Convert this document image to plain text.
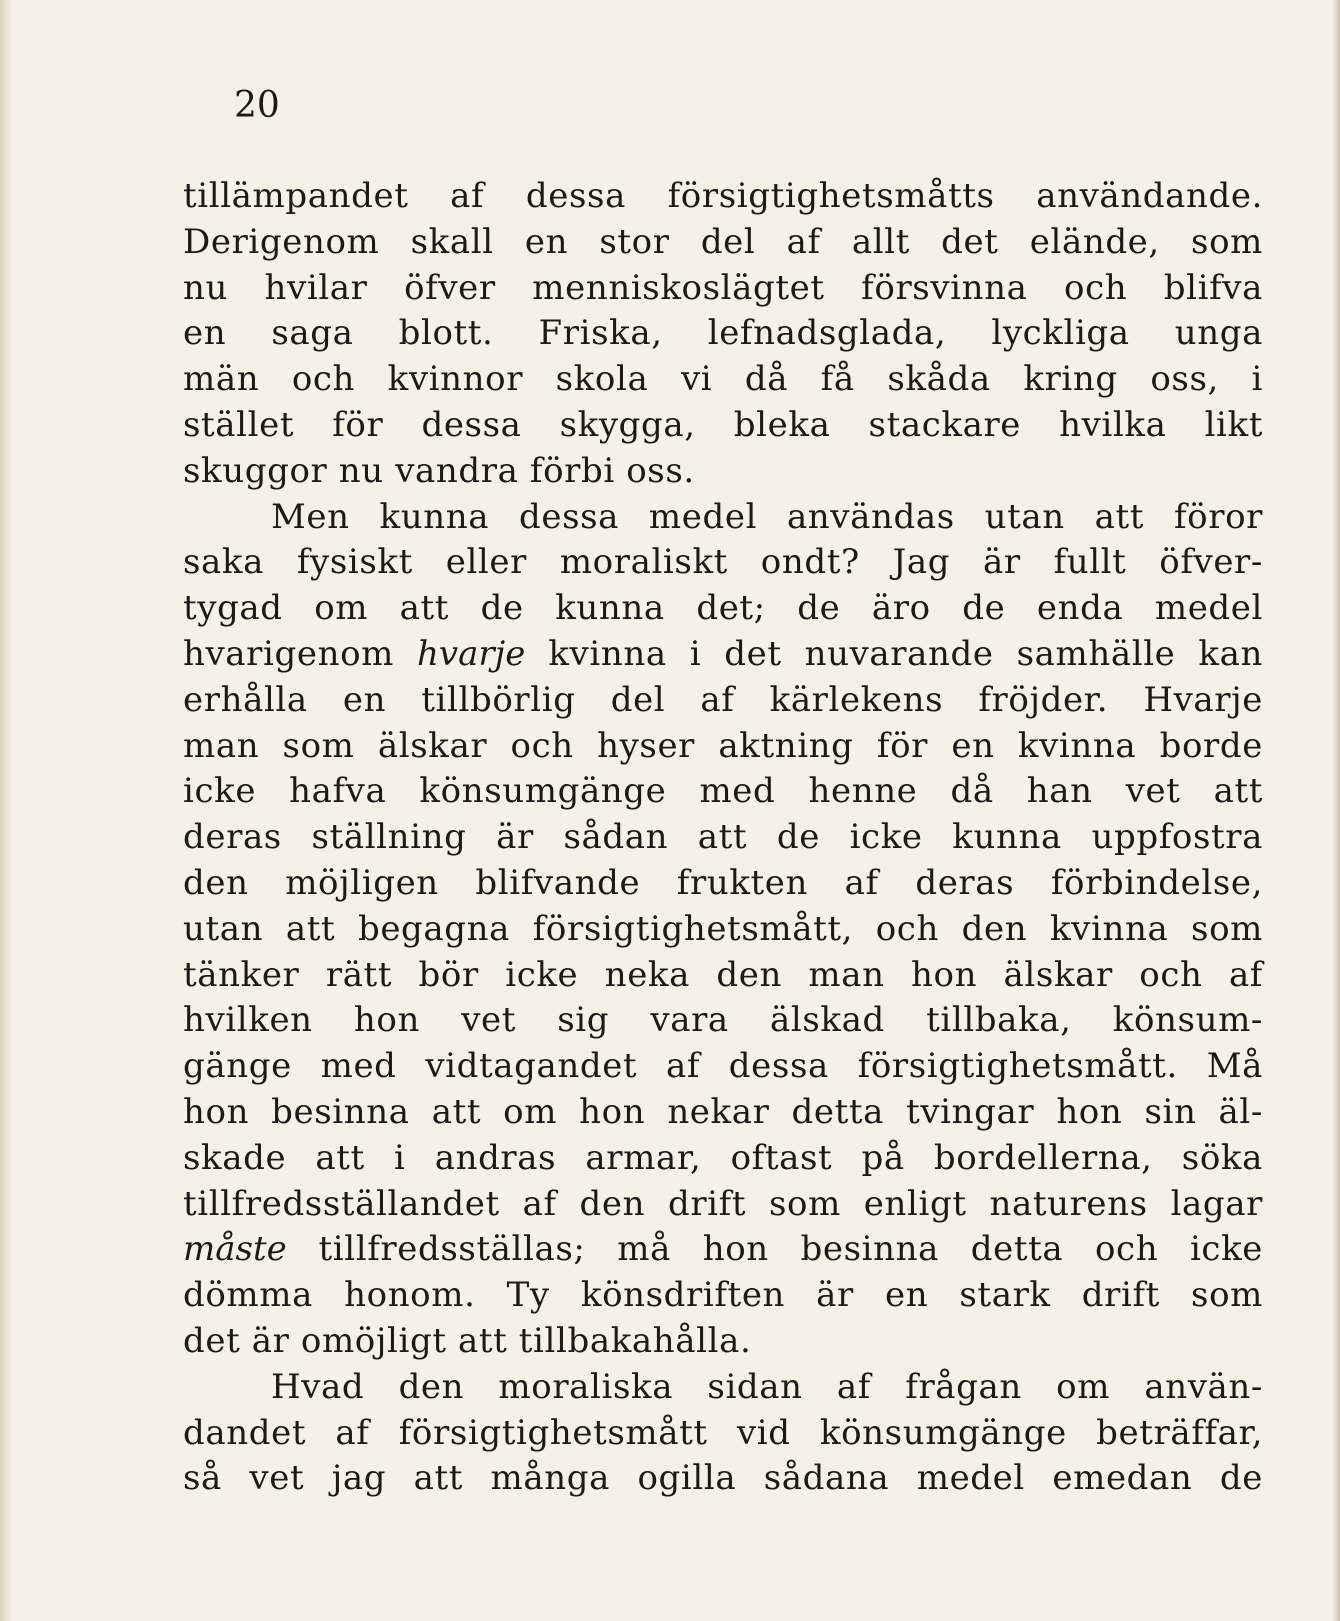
20
tillämpandet af dessa försigtighetsmåtts användande.
Derigenom skall en stor del af allt det elände, som
nu hvilar öfver menniskoslägtet försvinna och blifva
en saga blott. Friska, lefnadsglada, lyckliga unga
män och kvinnor skola vi då få skåda kring oss, i
stället för dessa skygga, bleka stackare hvilka likt
skuggor nu vandra förbi oss.
Men kunna dessa medel användas utan att föror
saka fysiskt eller moraliskt ondt? Jag är fullt öfver-
tygad om att de kunna det; de äro de enda medel
hvarigenom hvarje kvinna i det nuvarande samhälle kan
erhålla en tillbörlig del af kärlekens fröjder. Hvarje
man som älskar och hyser aktning för en kvinna borde
icke hafva könsumgänge med henne då han vet att
deras ställning är sådan att de icke kunna uppfostra
den möjligen blifvande frukten af deras förbindelse,
utan att begagna försigtighetsmått, och den kvinna som
tänker rätt bör icke neka den man hon älskar och af
hvilken hon vet sig vara älskad tillbaka, könsum-
gänge med vidtagandet af dessa försigtighetsmått. Må
hon besinna att om hon nekar detta tvingar hon sin äl-
skade att i andras armar, oftast på bordellerna, söka
tillfredsställandet af den drift som enligt naturens lagar
måste tillfredsställas; må hon besinna detta och icke
dömma honom. Ty könsdriften är en stark drift som
det är omöjligt att tillbakahålla.
Hvad den moraliska sidan af frågan om använ-
dandet af försigtighetsmått vid könsumgänge beträffar,
så vet jag att många ogilla sådana medel emedan de
